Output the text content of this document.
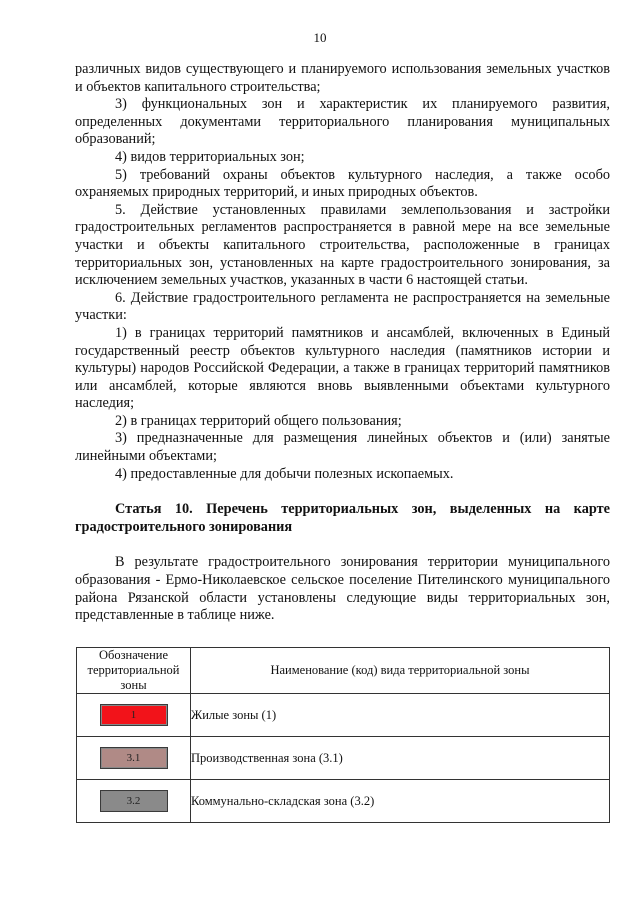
10

различных видов существующего и планируемого использования земельных участков и объектов капитального строительства;

3) функциональных зон и характеристик их планируемого развития, определенных документами территориального планирования муниципальных образований;

4) видов территориальных зон;

5) требований охраны объектов культурного наследия, а также особо охраняемых природных территорий, и иных природных объектов.

5. Действие установленных правилами землепользования и застройки градостроительных регламентов распространяется в равной мере на все земельные участки и объекты капитального строительства, расположенные в границах территориальных зон, установленных на карте градостроительного зонирования, за исключением земельных участков, указанных в части 6 настоящей статьи.

6. Действие градостроительного регламента не распространяется на земельные участки:

1) в границах территорий памятников и ансамблей, включенных в Единый государственный реестр объектов культурного наследия (памятников истории и культуры) народов Российской Федерации, а также в границах территорий памятников или ансамблей, которые являются вновь выявленными объектами культурного наследия;

2) в границах территорий общего пользования;

3) предназначенные для размещения линейных объектов и (или) занятые линейными объектами;

4) предоставленные для добычи полезных ископаемых.

Статья 10. Перечень территориальных зон, выделенных на карте градостроительного зонирования

В результате градостроительного зонирования территории муниципального образования - Ермо-Николаевское сельское поселение Пителинского муниципального района Рязанской области установлены следующие виды территориальных зон, представленные в таблице ниже.

Обозначение территориальной зоны	Наименование (код) вида территориальной зоны
1	Жилые зоны (1)
3.1	Производственная зона (3.1)
3.2	Коммунально-складская зона (3.2)
